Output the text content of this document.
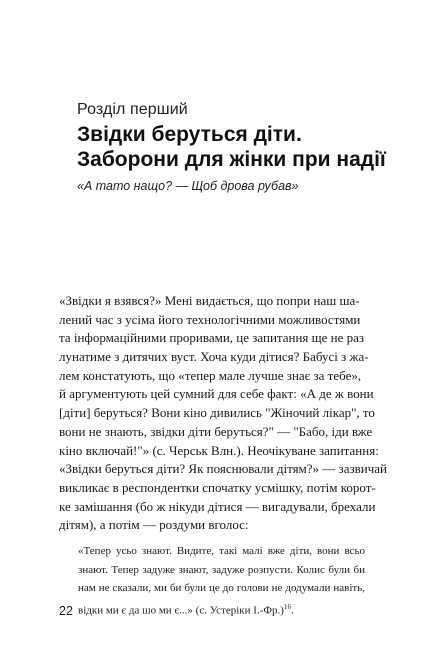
Розділ перший
Звідки беруться діти.
Заборони для жінки при надії
«А тато нащо? — Щоб дрова рубав»
«Звідки я взявся?» Мені видається, що попри наш ша-
лений час з усіма його технологічними можливостями
та інформаційними проривами, це запитання ще не раз
лунатиме з дитячих вуст. Хоча куди дітися? Бабусі з жа-
лем констатують, що «тепер мале лучше знає за тебе»,
й аргументують цей сумний для себе факт: «А де ж вони
[діти] беруться? Вони кіно дивились "Жіночий лікар", то
вони не знають, звідки діти беруться?" — "Бабо, іди вже
кіно включай!"» (с. Черськ Влн.). Неочікуване запитання:
«Звідки беруться діти? Як пояснювали дітям?» — зазвичай
викликає в респондентки спочатку усмішку, потім корот-
ке замішання (бо ж нікуди дітися — вигадували, брехали
дітям), а потім — роздуми вголос:
«Тепер усьо знают. Видите, такі малі вже діти, вони всьо
знают. Тепер задуже знают, задуже розпусти. Колис були би
нам не сказали, ми би були це до голови не додумали навіть,
відки ми є да шо ми є...» (с. Устеріки І.-Фр.)$^{16}$.
22
